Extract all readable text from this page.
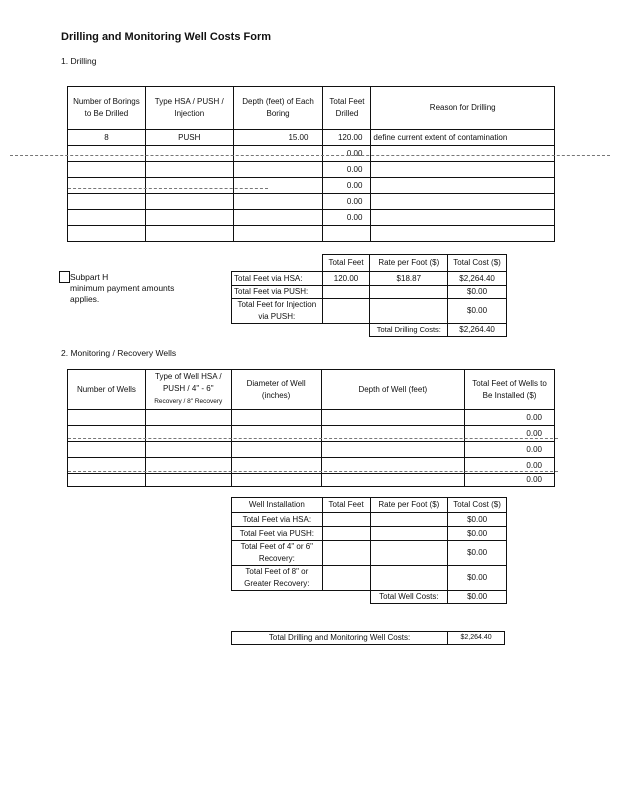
Drilling and Monitoring Well Costs Form
1. Drilling
Number of Borings to Be Drilled	Type HSA / PUSH / Injection	Depth (feet) of Each Boring	Total Feet Drilled	Reason for Drilling
8	PUSH	15.00	120.00	define current extent of contamination
			0.00	
			0.00	
			0.00	
			0.00	
			0.00	

Subpart H
minimum payment amounts applies.
	Total Feet	Rate per Foot ($)	Total Cost ($)
Total Feet via HSA:	120.00	$18.87	$2,264.40
Total Feet via PUSH:			$0.00
Total Feet for Injection via PUSH:			$0.00
		Total Drilling Costs:	$2,264.40
2. Monitoring / Recovery Wells
Number of Wells	Type of Well HSA / PUSH / 4" - 6"
Recovery / 8" Recovery	Diameter of Well (inches)	Depth of Well (feet)	Total Feet of Wells to Be Installed ($)
				0.00
				0.00
				0.00
				0.00
				0.00
Well Installation	Total Feet	Rate per Foot ($)	Total Cost ($)
Total Feet via HSA:			$0.00
Total Feet via PUSH:			$0.00
Total Feet of 4" or 6" Recovery:			$0.00
Total Feet of 8" or Greater Recovery:			$0.00
		Total Well Costs:	$0.00
Total Drilling and Monitoring Well Costs:	$2,264.40
